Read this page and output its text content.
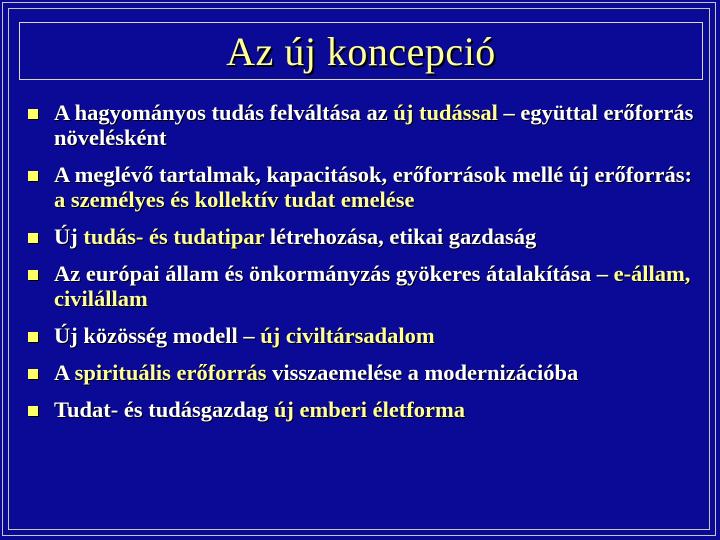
Az új koncepció
A hagyományos tudás felváltása az új tudással – együttal erőforrás növelésként
A meglévő tartalmak, kapacitások, erőforrások mellé új erőforrás: a személyes és kollektív tudat emelése
Új tudás- és tudatipar létrehozása, etikai gazdaság
Az európai állam és önkormányzás gyökeres átalakítása – e-állam, civilállam
Új közösség modell – új civiltársadalom
A spirituális erőforrás visszaemelése a modernizációba
Tudat- és tudásgazdag új emberi életforma
